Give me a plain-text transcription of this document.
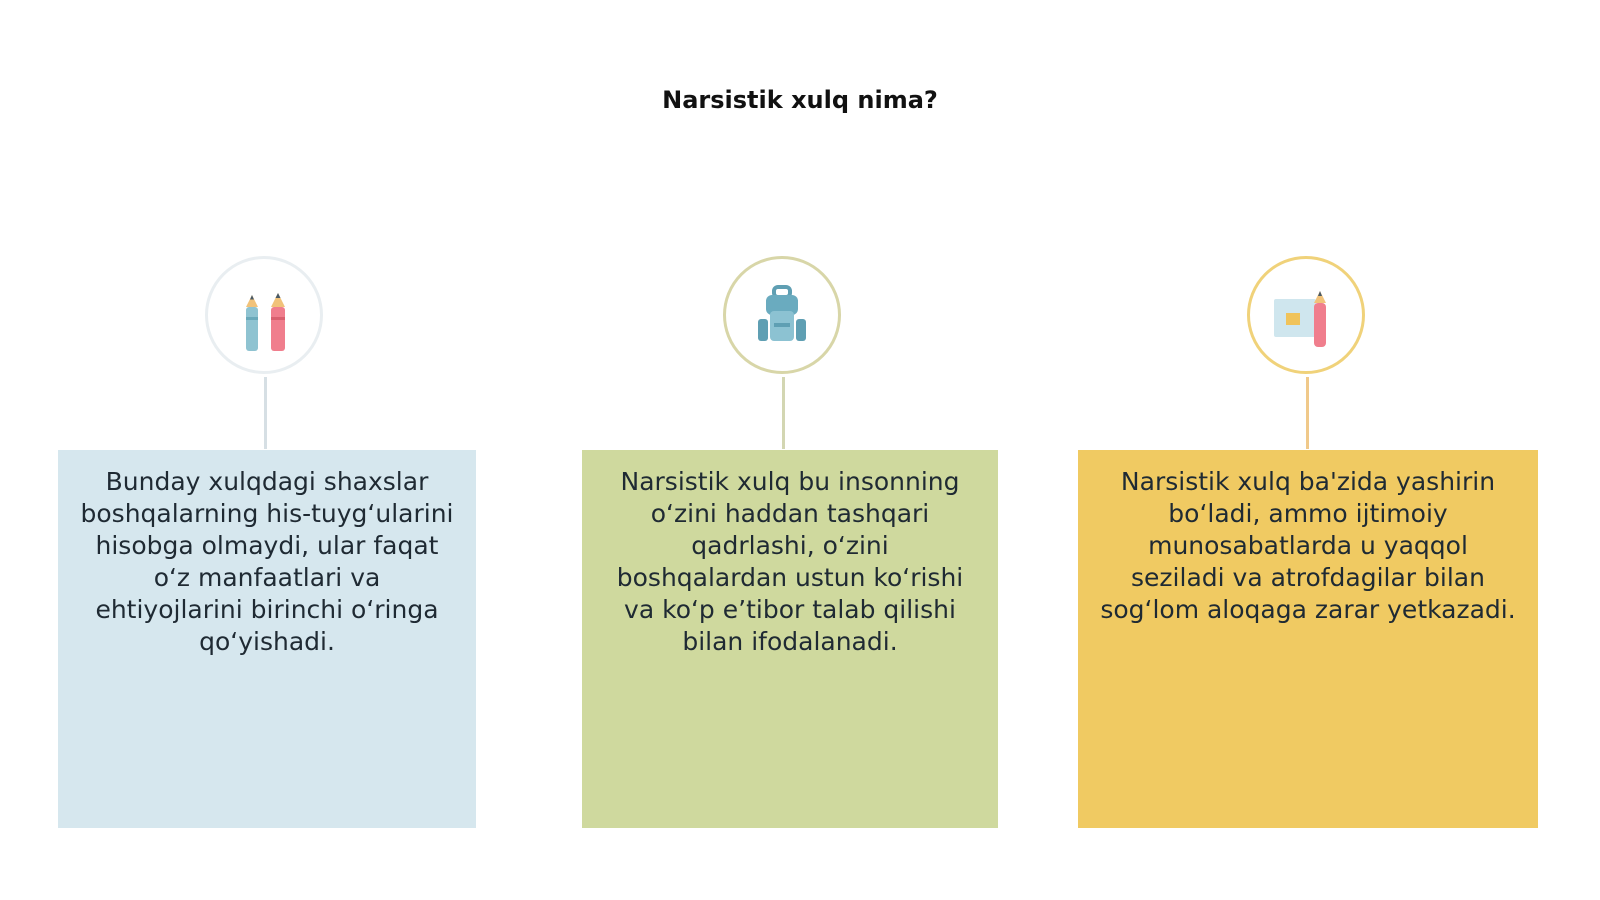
Narsistik xulq nima?
Bunday xulqdagi shaxslar boshqalarning his-tuyg‘ularini hisobga olmaydi, ular faqat o‘z manfaatlari va ehtiyojlarini birinchi o‘ringa qo‘yishadi.
Narsistik xulq bu insonning o‘zini haddan tashqari qadrlashi, o‘zini boshqalardan ustun ko‘rishi va ko‘p e’tibor talab qilishi bilan ifodalanadi.
Narsistik xulq ba'zida yashirin bo‘ladi, ammo ijtimoiy munosabatlarda u yaqqol seziladi va atrofdagilar bilan sog‘lom aloqaga zarar yetkazadi.
